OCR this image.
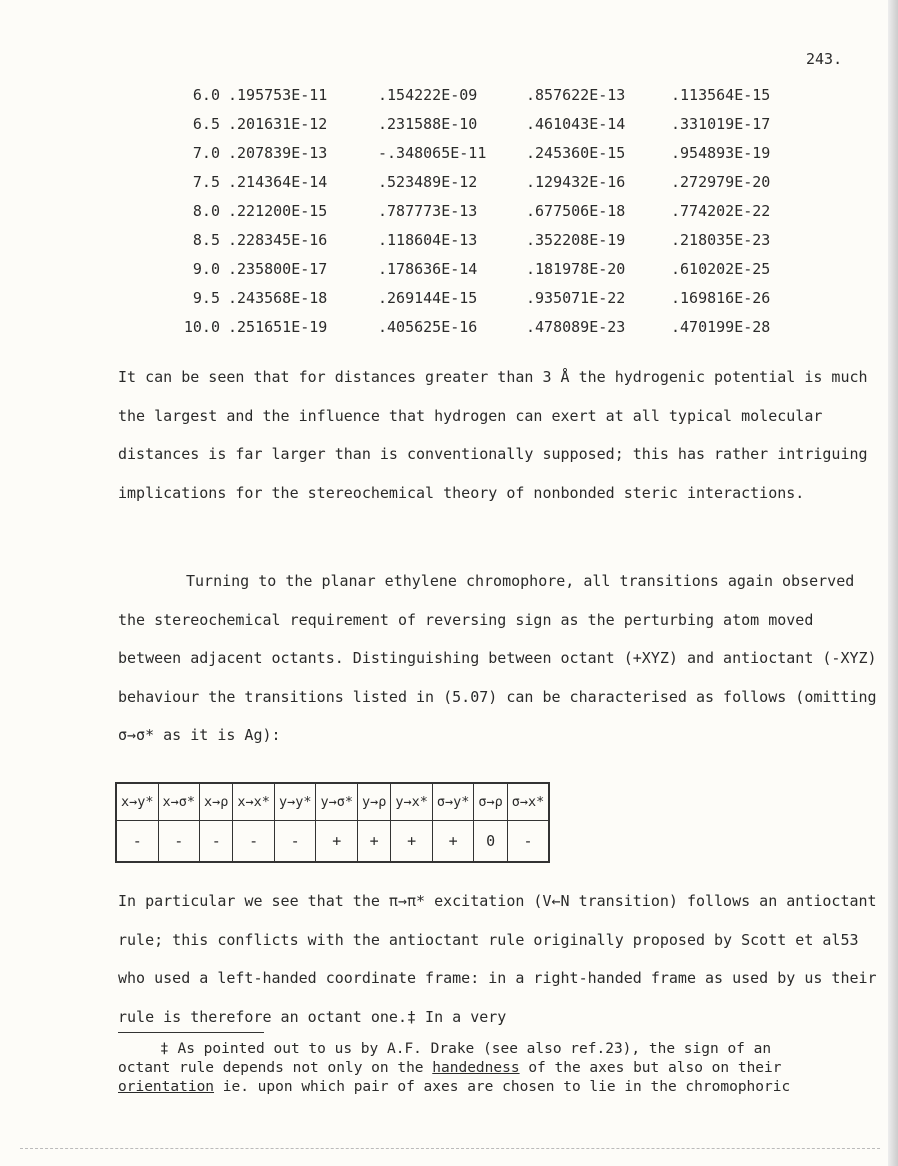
243.
6.0	.195753E-11	.154222E-09	.857622E-13	.113564E-15
6.5	.201631E-12	.231588E-10	.461043E-14	.331019E-17
7.0	.207839E-13	-.348065E-11	.245360E-15	.954893E-19
7.5	.214364E-14	.523489E-12	.129432E-16	.272979E-20
8.0	.221200E-15	.787773E-13	.677506E-18	.774202E-22
8.5	.228345E-16	.118604E-13	.352208E-19	.218035E-23
9.0	.235800E-17	.178636E-14	.181978E-20	.610202E-25
9.5	.243568E-18	.269144E-15	.935071E-22	.169816E-26
10.0	.251651E-19	.405625E-16	.478089E-23	.470199E-28
It can be seen that for distances greater than 3 Å the hydrogenic potential is much the largest and the influence that hydrogen can exert at all typical molecular distances is far larger than is conventionally supposed; this has rather intriguing implications for the stereochemical theory of nonbonded steric interactions.
Turning to the planar ethylene chromophore, all transitions again observed the stereochemical requirement of reversing sign as the perturbing atom moved between adjacent octants. Distinguishing between octant (+XYZ) and antioctant (-XYZ) behaviour the transitions listed in (5.07) can be characterised as follows (omitting σ→σ* as it is Ag):
x→y*	x→σ*	x→ρ	x→x*	y→y*	y→σ*	y→ρ	y→x*	σ→y*	σ→ρ	σ→x*
-	-	-	-	-	+	+	+	+	0	-
In particular we see that the π→π* excitation (V←N transition) follows an antioctant rule; this conflicts with the antioctant rule originally proposed by Scott et al53 who used a left-handed coordinate frame: in a right-handed frame as used by us their rule is therefore an octant one.‡ In a very
‡ As pointed out to us by A.F. Drake (see also ref.23), the sign of an
octant rule depends not only on the handedness of the axes but also on their
orientation ie. upon which pair of axes are chosen to lie in the chromophoric
